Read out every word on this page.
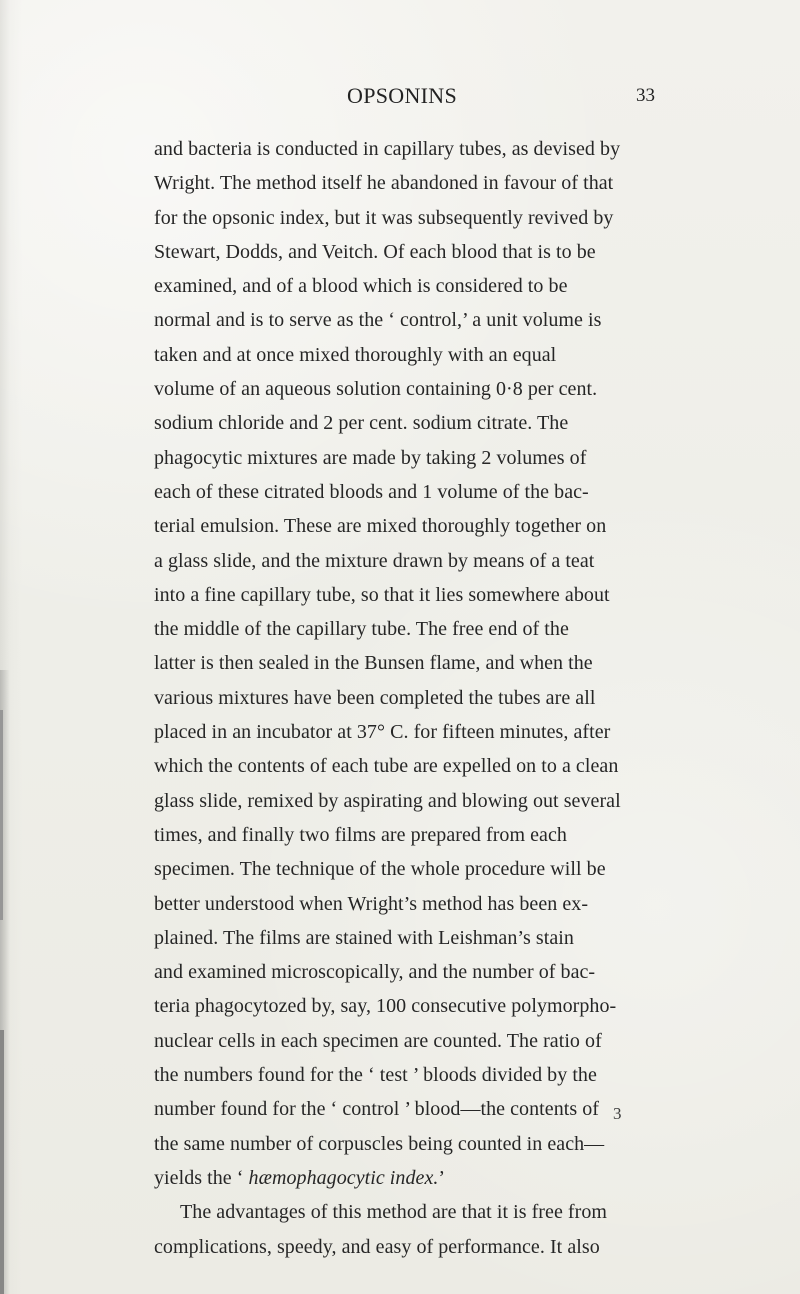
OPSONINS	33
and bacteria is conducted in capillary tubes, as devised by
Wright. The method itself he abandoned in favour of that
for the opsonic index, but it was subsequently revived by
Stewart, Dodds, and Veitch. Of each blood that is to be
examined, and of a blood which is considered to be
normal and is to serve as the ‘ control,’ a unit volume is
taken and at once mixed thoroughly with an equal
volume of an aqueous solution containing 0·8 per cent.
sodium chloride and 2 per cent. sodium citrate. The
phagocytic mixtures are made by taking 2 volumes of
each of these citrated bloods and 1 volume of the bac-
terial emulsion. These are mixed thoroughly together on
a glass slide, and the mixture drawn by means of a teat
into a fine capillary tube, so that it lies somewhere about
the middle of the capillary tube. The free end of the
latter is then sealed in the Bunsen flame, and when the
various mixtures have been completed the tubes are all
placed in an incubator at 37° C. for fifteen minutes, after
which the contents of each tube are expelled on to a clean
glass slide, remixed by aspirating and blowing out several
times, and finally two films are prepared from each
specimen. The technique of the whole procedure will be
better understood when Wright’s method has been ex-
plained. The films are stained with Leishman’s stain
and examined microscopically, and the number of bac-
teria phagocytozed by, say, 100 consecutive polymorpho-
nuclear cells in each specimen are counted. The ratio of
the numbers found for the ‘ test ’ bloods divided by the
number found for the ‘ control ’ blood—the contents of
the same number of corpuscles being counted in each—
yields the ‘ hæmophagocytic index.’
The advantages of this method are that it is free from
complications, speedy, and easy of performance. It also
3
